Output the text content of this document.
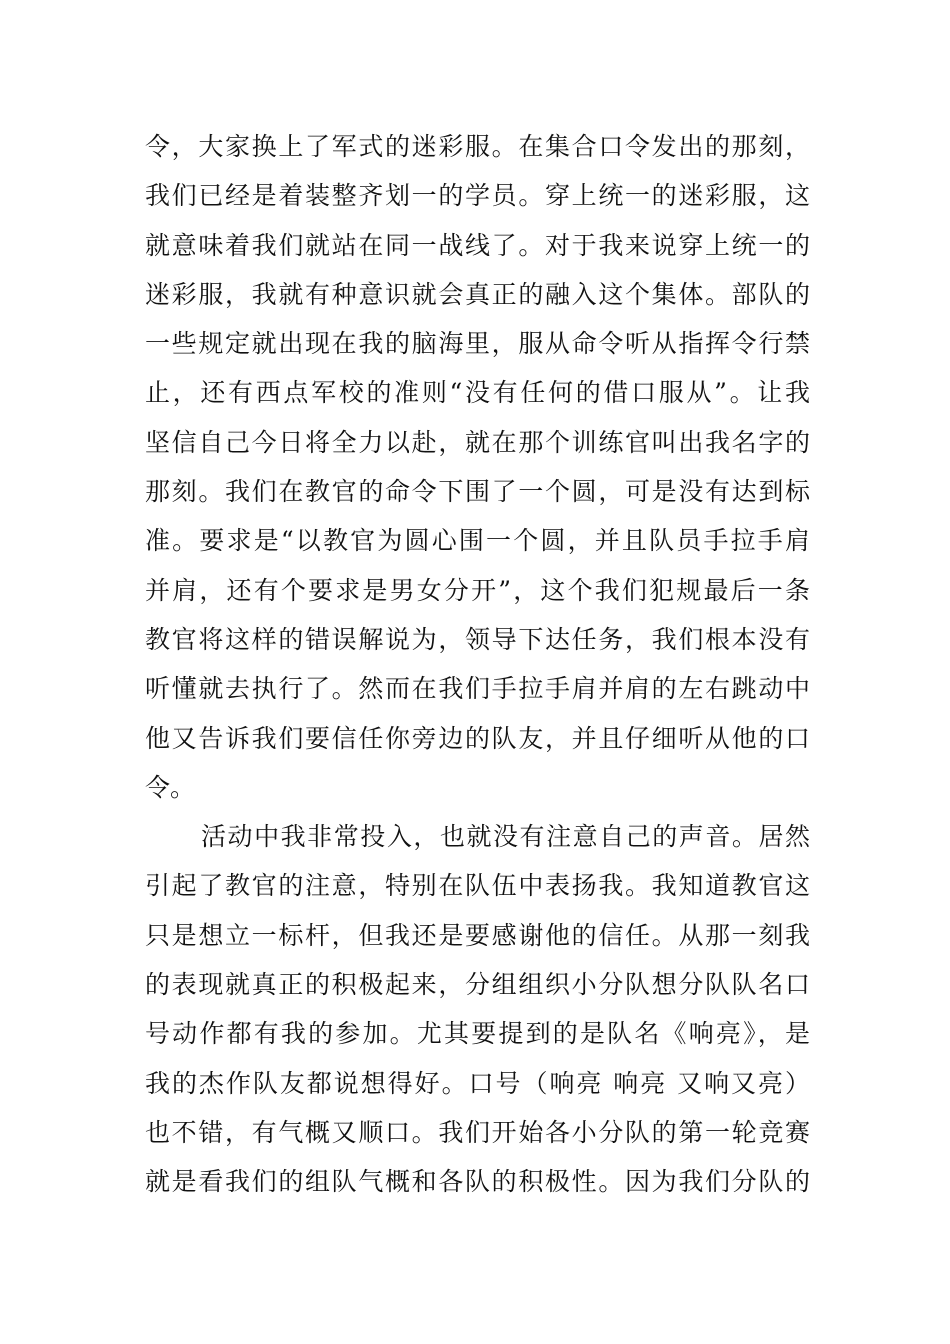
令，大家换上了军式的迷彩服。在集合口令发出的那刻，
我们已经是着装整齐划一的学员。穿上统一的迷彩服，这
就意味着我们就站在同一战线了。对于我来说穿上统一的
迷彩服，我就有种意识就会真正的融入这个集体。部队的
一些规定就出现在我的脑海里，服从命令听从指挥令行禁
止，还有西点军校的准则“没有任何的借口服从”。让我
坚信自己今日将全力以赴，就在那个训练官叫出我名字的
那刻。我们在教官的命令下围了一个圆，可是没有达到标
准。要求是“以教官为圆心围一个圆，并且队员手拉手肩
并肩，还有个要求是男女分开”，这个我们犯规最后一条
教官将这样的错误解说为，领导下达任务，我们根本没有
听懂就去执行了。然而在我们手拉手肩并肩的左右跳动中
他又告诉我们要信任你旁边的队友，并且仔细听从他的口
令。
活动中我非常投入，也就没有注意自己的声音。居然
引起了教官的注意，特别在队伍中表扬我。我知道教官这
只是想立一标杆，但我还是要感谢他的信任。从那一刻我
的表现就真正的积极起来，分组组织小分队想分队队名口
号动作都有我的参加。尤其要提到的是队名《响亮》，是
我的杰作队友都说想得好。口号（响亮 响亮 又响又亮）
也不错，有气概又顺口。我们开始各小分队的第一轮竞赛
就是看我们的组队气概和各队的积极性。因为我们分队的
